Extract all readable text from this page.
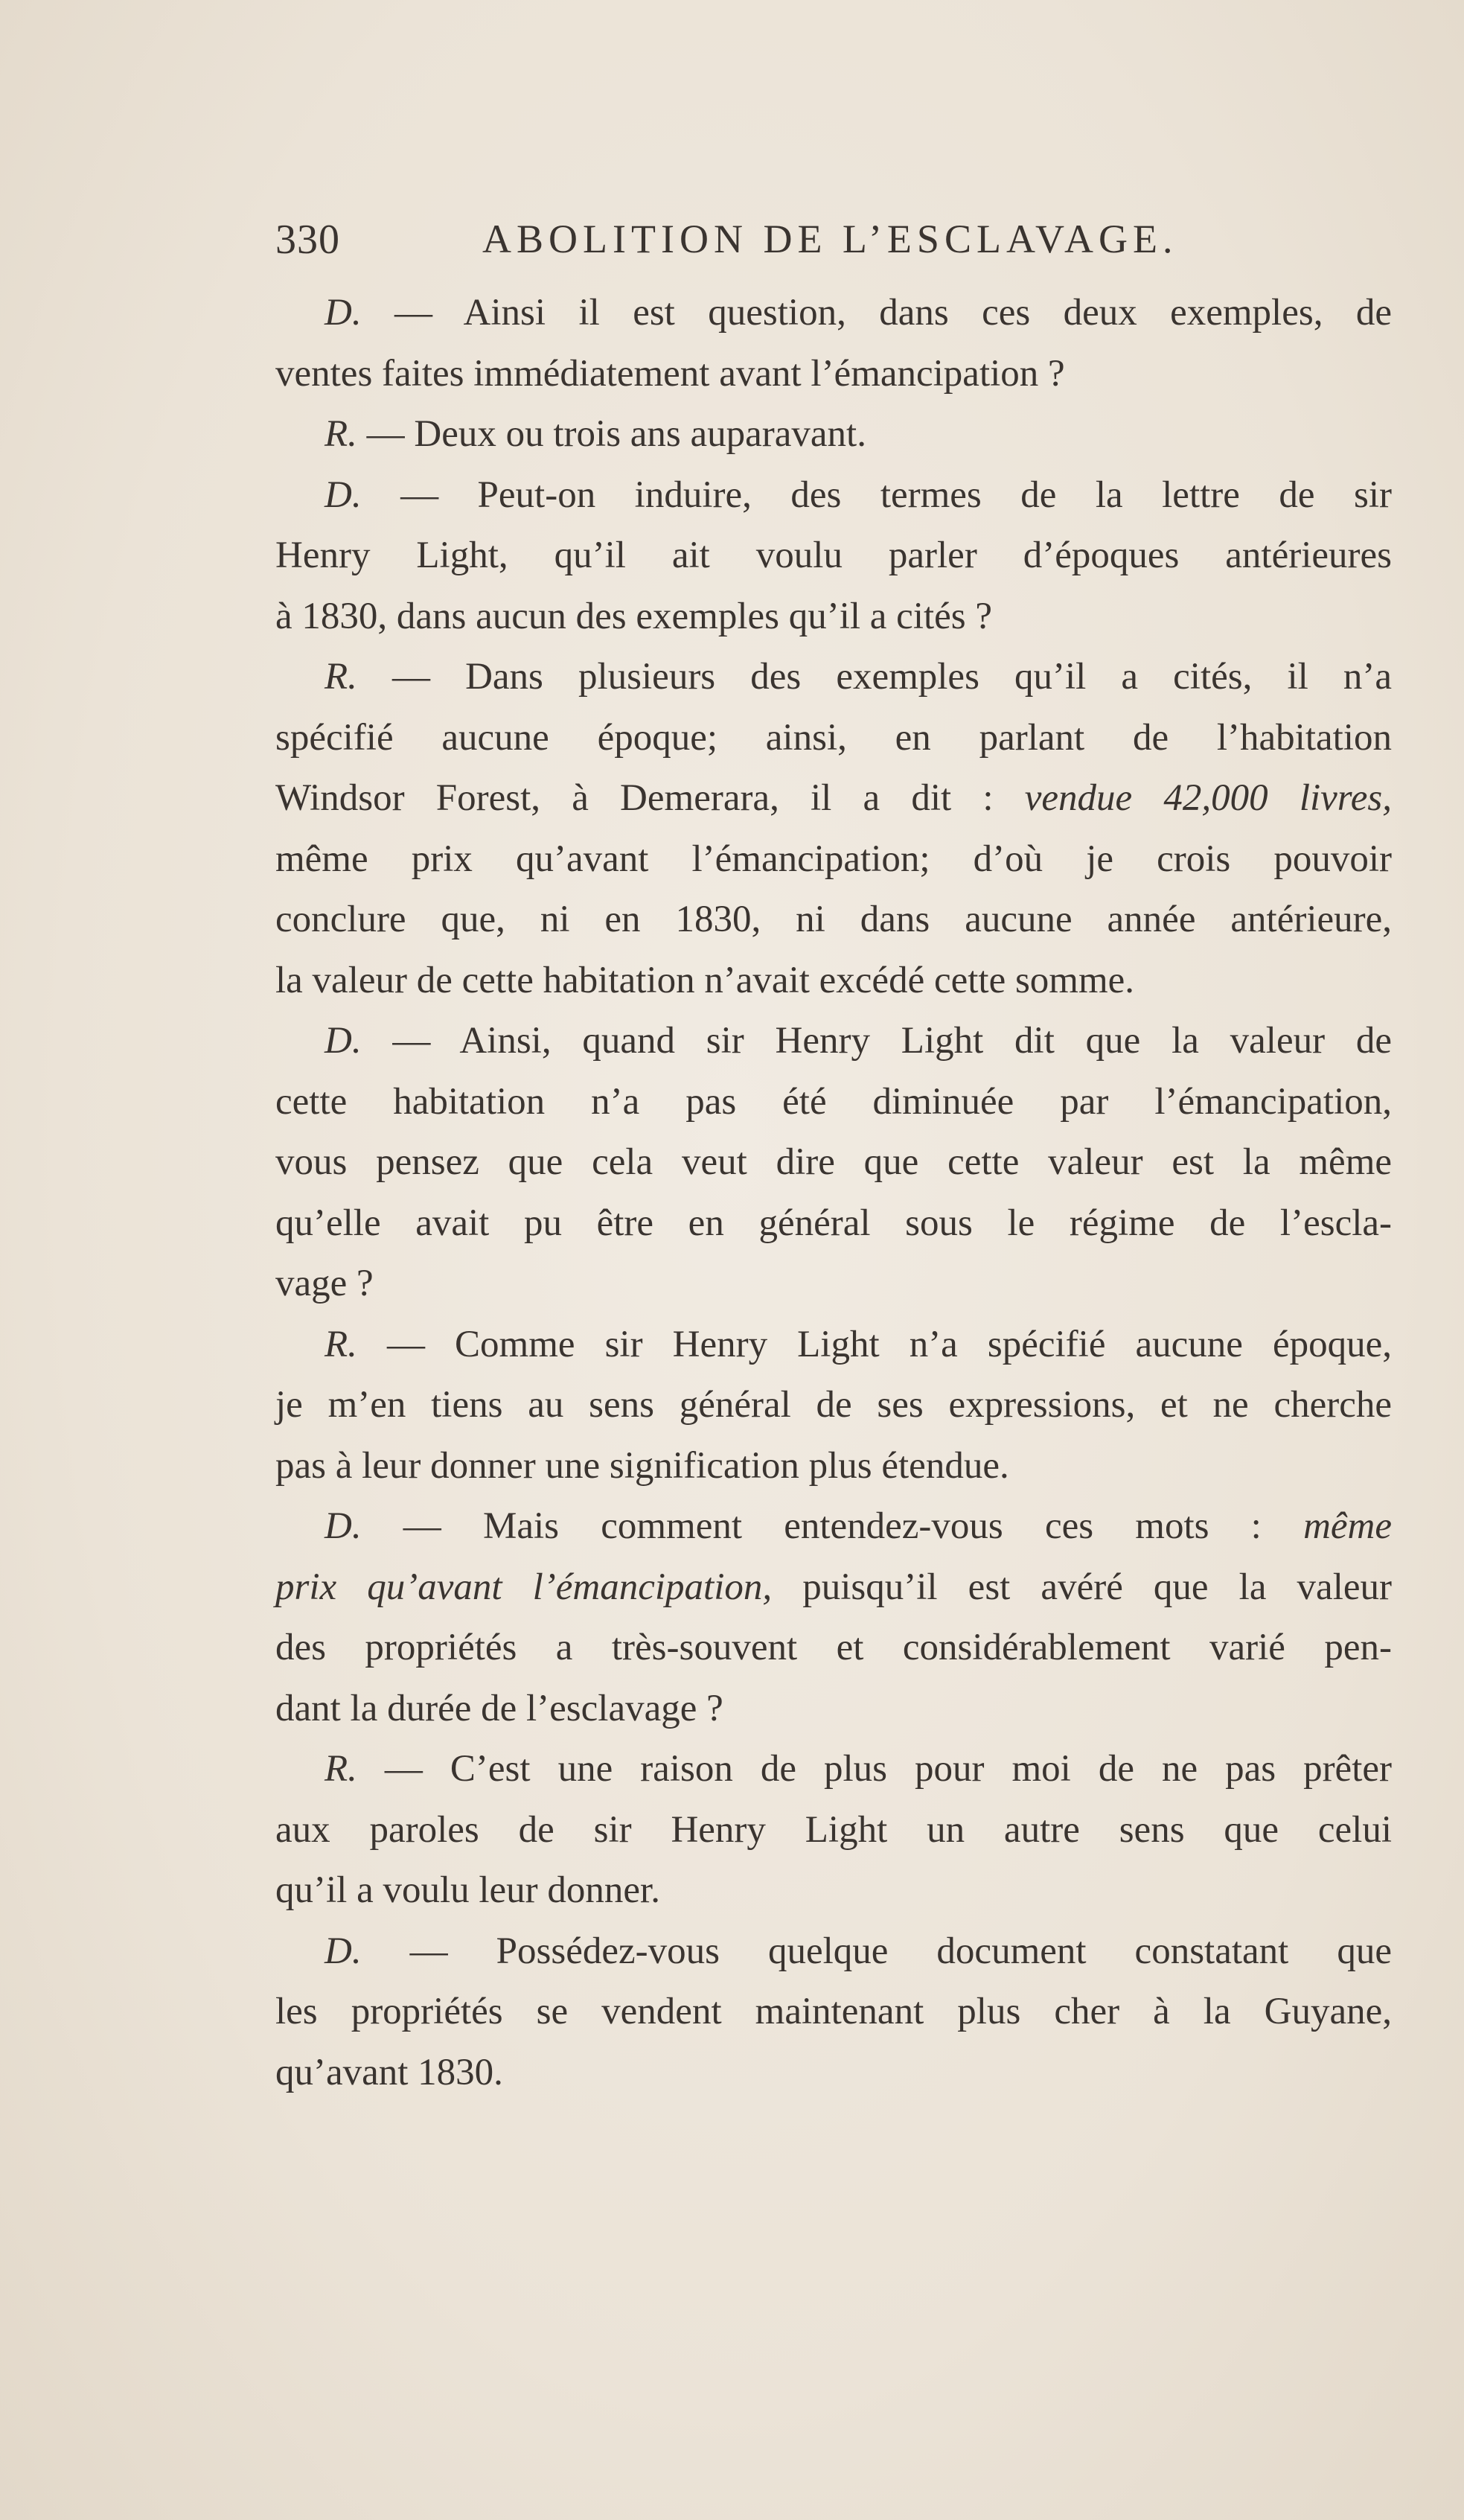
330	ABOLITION DE L’ESCLAVAGE.
D. — Ainsi il est question, dans ces deux exemples, de
ventes faites immédiatement avant l’émancipation ?
R. — Deux ou trois ans auparavant.
D. — Peut-on induire, des termes de la lettre de sir
Henry Light, qu’il ait voulu parler d’époques antérieures
à 1830, dans aucun des exemples qu’il a cités ?
R. — Dans plusieurs des exemples qu’il a cités, il n’a
spécifié aucune époque; ainsi, en parlant de l’habitation
Windsor Forest, à Demerara, il a dit : vendue 42,000 livres,
même prix qu’avant l’émancipation; d’où je crois pouvoir
conclure que, ni en 1830, ni dans aucune année antérieure,
la valeur de cette habitation n’avait excédé cette somme.
D. — Ainsi, quand sir Henry Light dit que la valeur de
cette habitation n’a pas été diminuée par l’émancipation,
vous pensez que cela veut dire que cette valeur est la même
qu’elle avait pu être en général sous le régime de l’escla-
vage ?
R. — Comme sir Henry Light n’a spécifié aucune époque,
je m’en tiens au sens général de ses expressions, et ne cherche
pas à leur donner une signification plus étendue.
D. — Mais comment entendez-vous ces mots : même
prix qu’avant l’émancipation, puisqu’il est avéré que la valeur
des propriétés a très-souvent et considérablement varié pen-
dant la durée de l’esclavage ?
R. — C’est une raison de plus pour moi de ne pas prêter
aux paroles de sir Henry Light un autre sens que celui
qu’il a voulu leur donner.
D. — Possédez-vous quelque document constatant que
les propriétés se vendent maintenant plus cher à la Guyane,
qu’avant 1830.
